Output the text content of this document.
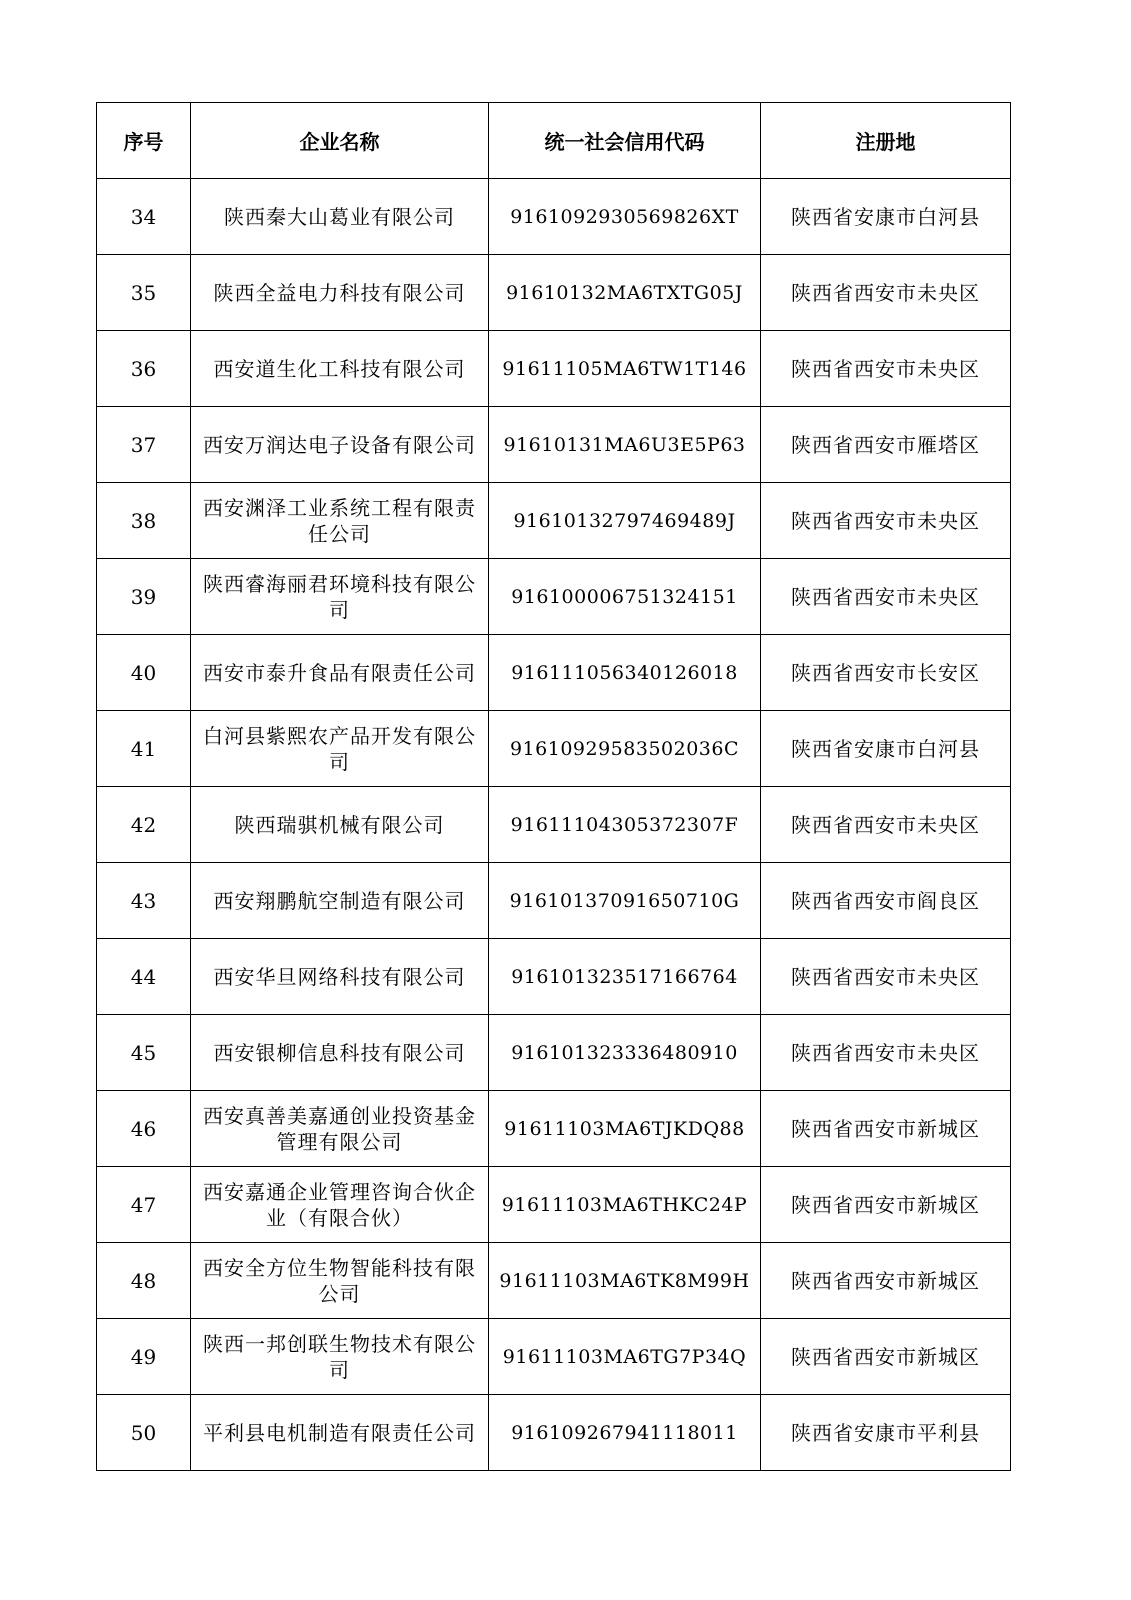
序号	企业名称	统一社会信用代码	注册地
34	陕西秦大山葛业有限公司	9161092930569826XT	陕西省安康市白河县
35	陕西全益电力科技有限公司	91610132MA6TXTG05J	陕西省西安市未央区
36	西安道生化工科技有限公司	91611105MA6TW1T146	陕西省西安市未央区
37	西安万润达电子设备有限公司	91610131MA6U3E5P63	陕西省西安市雁塔区
38	西安渊泽工业系统工程有限责任公司	91610132797469489J	陕西省西安市未央区
39	陕西睿海丽君环境科技有限公司	916100006751324151	陕西省西安市未央区
40	西安市泰升食品有限责任公司	916111056340126018	陕西省西安市长安区
41	白河县紫熙农产品开发有限公司	91610929583502036C	陕西省安康市白河县
42	陕西瑞骐机械有限公司	91611104305372307F	陕西省西安市未央区
43	西安翔鹏航空制造有限公司	91610137091650710G	陕西省西安市阎良区
44	西安华旦网络科技有限公司	916101323517166764	陕西省西安市未央区
45	西安银柳信息科技有限公司	916101323336480910	陕西省西安市未央区
46	西安真善美嘉通创业投资基金管理有限公司	91611103MA6TJKDQ88	陕西省西安市新城区
47	西安嘉通企业管理咨询合伙企业（有限合伙）	91611103MA6THKC24P	陕西省西安市新城区
48	西安全方位生物智能科技有限公司	91611103MA6TK8M99H	陕西省西安市新城区
49	陕西一邦创联生物技术有限公司	91611103MA6TG7P34Q	陕西省西安市新城区
50	平利县电机制造有限责任公司	916109267941118011	陕西省安康市平利县
